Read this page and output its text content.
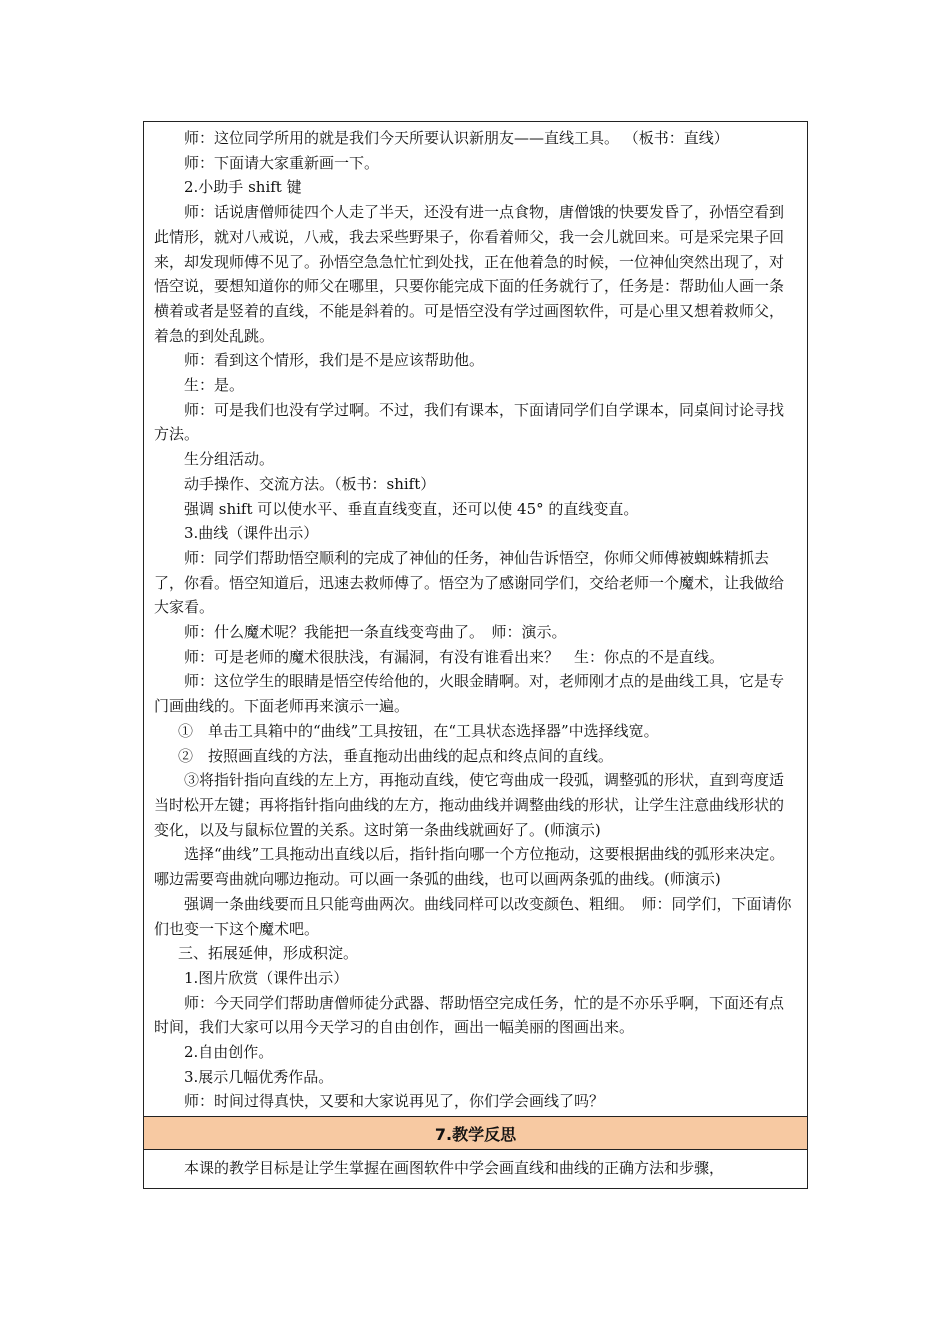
师：这位同学所用的就是我们今天所要认识新朋友——直线工具。 （板书：直线）

师：下面请大家重新画一下。

2.小助手 shift 键

师：话说唐僧师徒四个人走了半天，还没有进一点食物，唐僧饿的快要发昏了，孙悟空看到此情形，就对八戒说，八戒，我去采些野果子，你看着师父，我一会儿就回来。可是采完果子回来，却发现师傅不见了。孙悟空急急忙忙到处找，正在他着急的时候，一位神仙突然出现了，对悟空说，要想知道你的师父在哪里，只要你能完成下面的任务就行了，任务是：帮助仙人画一条横着或者是竖着的直线，不能是斜着的。可是悟空没有学过画图软件，可是心里又想着救师父，着急的到处乱跳。

师：看到这个情形，我们是不是应该帮助他。

生：是。

师：可是我们也没有学过啊。不过，我们有课本，下面请同学们自学课本，同桌间讨论寻找方法。

生分组活动。

动手操作、交流方法。（板书：shift）

强调 shift 可以使水平、垂直直线变直，还可以使 45° 的直线变直。

3.曲线（课件出示）

师：同学们帮助悟空顺利的完成了神仙的任务，神仙告诉悟空，你师父师傅被蜘蛛精抓去了，你看。悟空知道后，迅速去救师傅了。悟空为了感谢同学们，交给老师一个魔术，让我做给大家看。

师：什么魔术呢？我能把一条直线变弯曲了。　师：演示。

师：可是老师的魔术很肤浅，有漏洞，有没有谁看出来？　生：你点的不是直线。

师：这位学生的眼睛是悟空传给他的，火眼金睛啊。对，老师刚才点的是曲线工具，它是专门画曲线的。下面老师再来演示一遍。

①　单击工具箱中的“曲线”工具按钮，在“工具状态选择器”中选择线宽。

②　按照画直线的方法，垂直拖动出曲线的起点和终点间的直线。

③将指针指向直线的左上方，再拖动直线，使它弯曲成一段弧，调整弧的形状，直到弯度适当时松开左键；再将指针指向曲线的左方，拖动曲线并调整曲线的形状，让学生注意曲线形状的变化，以及与鼠标位置的关系。这时第一条曲线就画好了。(师演示)

选择“曲线”工具拖动出直线以后，指针指向哪一个方位拖动，这要根据曲线的弧形来决定。哪边需要弯曲就向哪边拖动。可以画一条弧的曲线，也可以画两条弧的曲线。(师演示)

强调一条曲线要而且只能弯曲两次。曲线同样可以改变颜色、粗细。　师：同学们，下面请你们也变一下这个魔术吧。

三、拓展延伸，形成积淀。

1.图片欣赏（课件出示）

师：今天同学们帮助唐僧师徒分武器、帮助悟空完成任务，忙的是不亦乐乎啊，下面还有点时间，我们大家可以用今天学习的自由创作，画出一幅美丽的图画出来。

2.自由创作。

3.展示几幅优秀作品。

师：时间过得真快，又要和大家说再见了，你们学会画线了吗？

7.教学反思

本课的教学目标是让学生掌握在画图软件中学会画直线和曲线的正确方法和步骤，
